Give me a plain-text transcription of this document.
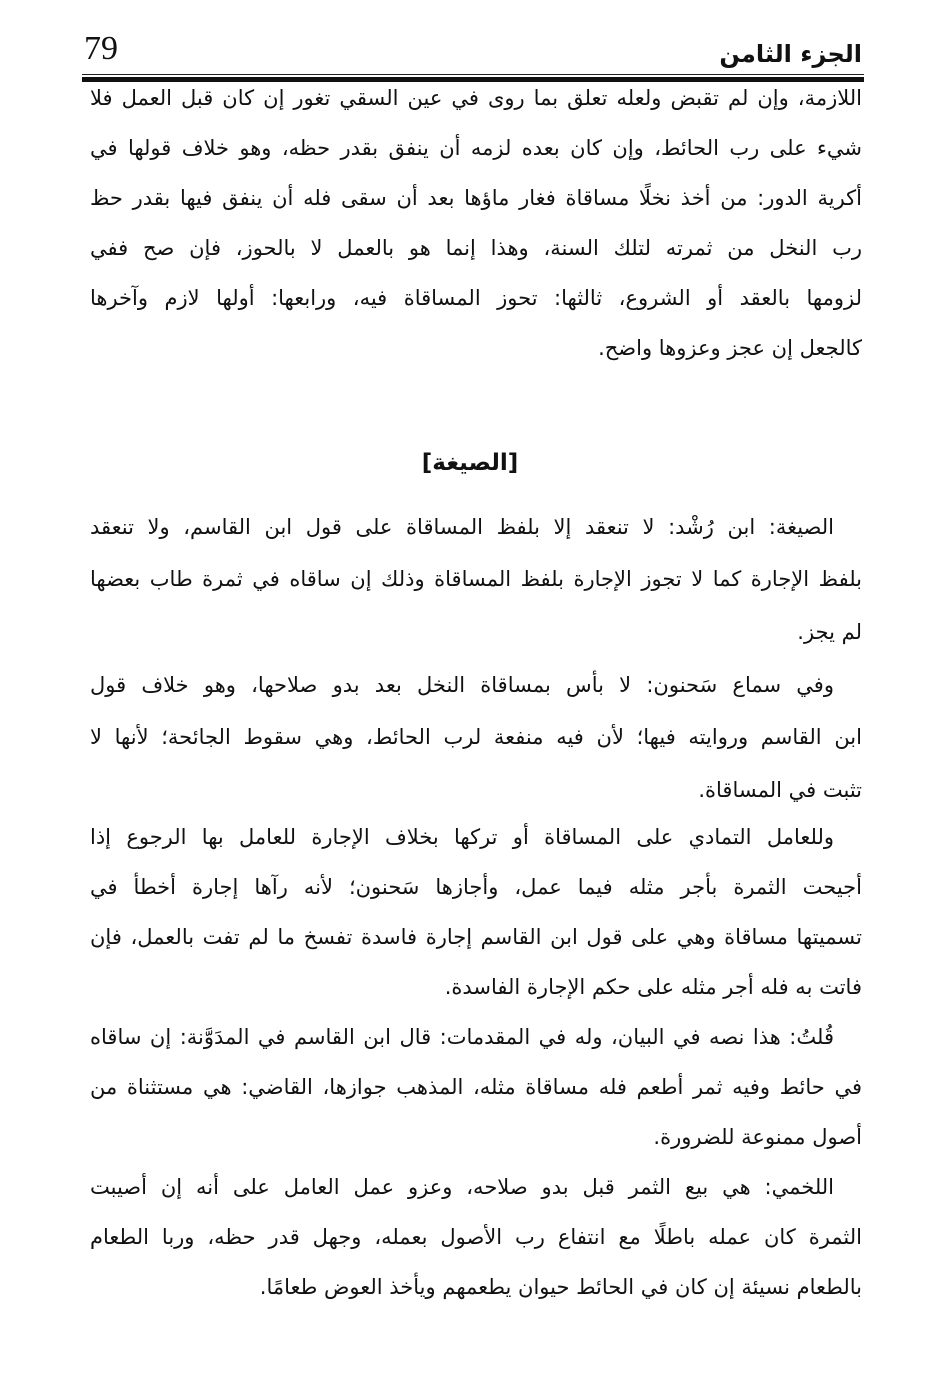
79	الجزء الثامن
اللازمة، وإن لم تقبض ولعله تعلق بما روى في عين السقي تغور إن كان قبل العمل فلا
شيء على رب الحائط، وإن كان بعده لزمه أن ينفق بقدر حظه، وهو خلاف قولها في
أكرية الدور: من أخذ نخلًا مساقاة فغار ماؤها بعد أن سقى فله أن ينفق فيها بقدر حظ
رب النخل من ثمرته لتلك السنة، وهذا إنما هو بالعمل لا بالحوز، فإن صح ففي
لزومها بالعقد أو الشروع، ثالثها: تحوز المساقاة فيه، ورابعها: أولها لازم وآخرها
كالجعل إن عجز وعزوها واضح.
[الصيغة]
الصيغة: ابن رُشْد: لا تنعقد إلا بلفظ المساقاة على قول ابن القاسم، ولا تنعقد
بلفظ الإجارة كما لا تجوز الإجارة بلفظ المساقاة وذلك إن ساقاه في ثمرة طاب بعضها
لم يجز.
وفي سماع سَحنون: لا بأس بمساقاة النخل بعد بدو صلاحها، وهو خلاف قول
ابن القاسم وروايته فيها؛ لأن فيه منفعة لرب الحائط، وهي سقوط الجائحة؛ لأنها لا
تثبت في المساقاة.
وللعامل التمادي على المساقاة أو تركها بخلاف الإجارة للعامل بها الرجوع إذا
أجيحت الثمرة بأجر مثله فيما عمل، وأجازها سَحنون؛ لأنه رآها إجارة أخطأ في
تسميتها مساقاة وهي على قول ابن القاسم إجارة فاسدة تفسخ ما لم تفت بالعمل، فإن
فاتت به فله أجر مثله على حكم الإجارة الفاسدة.
قُلتُ: هذا نصه في البيان، وله في المقدمات: قال ابن القاسم في المدَوَّنة: إن ساقاه
في حائط وفيه ثمر أطعم فله مساقاة مثله، المذهب جوازها، القاضي: هي مستثناة من
أصول ممنوعة للضرورة.
اللخمي: هي بيع الثمر قبل بدو صلاحه، وعزو عمل العامل على أنه إن أصيبت
الثمرة كان عمله باطلًا مع انتفاع رب الأصول بعمله، وجهل قدر حظه، وربا الطعام
بالطعام نسيئة إن كان في الحائط حيوان يطعمهم ويأخذ العوض طعامًا.
